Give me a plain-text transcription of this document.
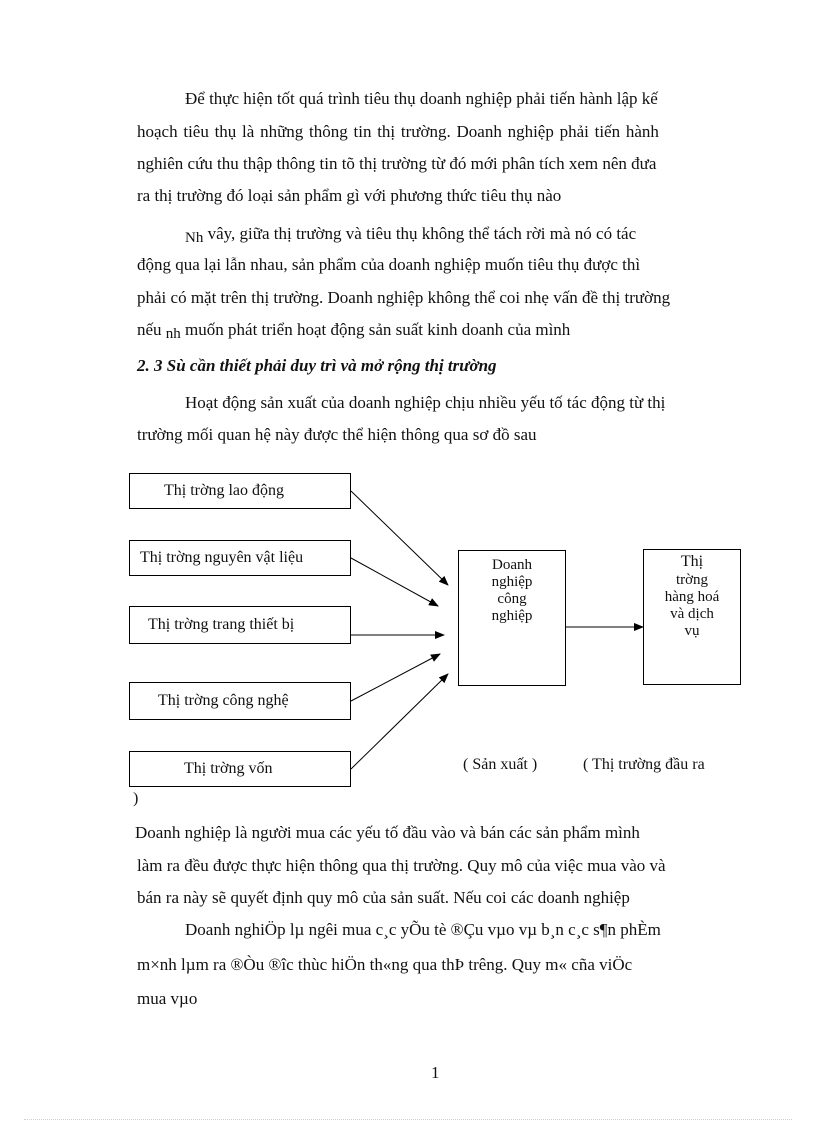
Để thực hiện tốt quá trình tiêu thụ doanh nghiệp phải tiến hành lập kế
hoạch tiêu thụ là những thông tin thị trường. Doanh nghiệp phải tiến hành
nghiên cứu thu thập thông tin tõ thị trường từ đó mới phân tích xem nên đưa
ra thị trường đó loại sản phẩm gì với phương thức tiêu thụ nào
Nh vây, giữa thị trường và tiêu thụ không thể tách rời mà nó có tác
động qua lại lẫn nhau, sản phẩm của doanh nghiệp muốn tiêu thụ được thì
phải có mặt trên thị trường. Doanh nghiệp không thể coi nhẹ vấn đề thị trường
nếu nh muốn phát triển hoạt động sản suất kinh doanh của mình
2. 3 Sù cần thiết phải duy trì và mở rộng thị trường
Hoạt động sản xuất của doanh nghiệp chịu nhiều yếu tố tác động từ thị
trường mối quan hệ này được thể hiện thông qua sơ đồ sau
Thị trờng lao động
Thị trờng nguyên vật liệu
Thị trờng trang thiết bị
Thị trờng công nghệ
Thị trờng vốn
Doanh
nghiệp
công
nghiệp
Thị
trờng
hàng hoá
và dịch
vụ
( Sản xuất )	( Thị trường đầu ra
)
Doanh nghiệp là người mua các yếu tố đầu vào và bán các sản phẩm mình
làm ra đều được thực hiện thông qua thị trường. Quy mô của việc mua vào và
bán ra này sẽ quyết định quy mô của sản suất. Nếu coi các doanh nghiệp
Doanh nghiÖp lµ ngêi mua c¸c yÕu tè ®Çu vµo vµ b¸n c¸c s¶n phÈm
m×nh lµm ra ®Òu ®îc thùc hiÖn th«ng qua thÞ trêng. Quy m« cña viÖc
mua vµo
1
